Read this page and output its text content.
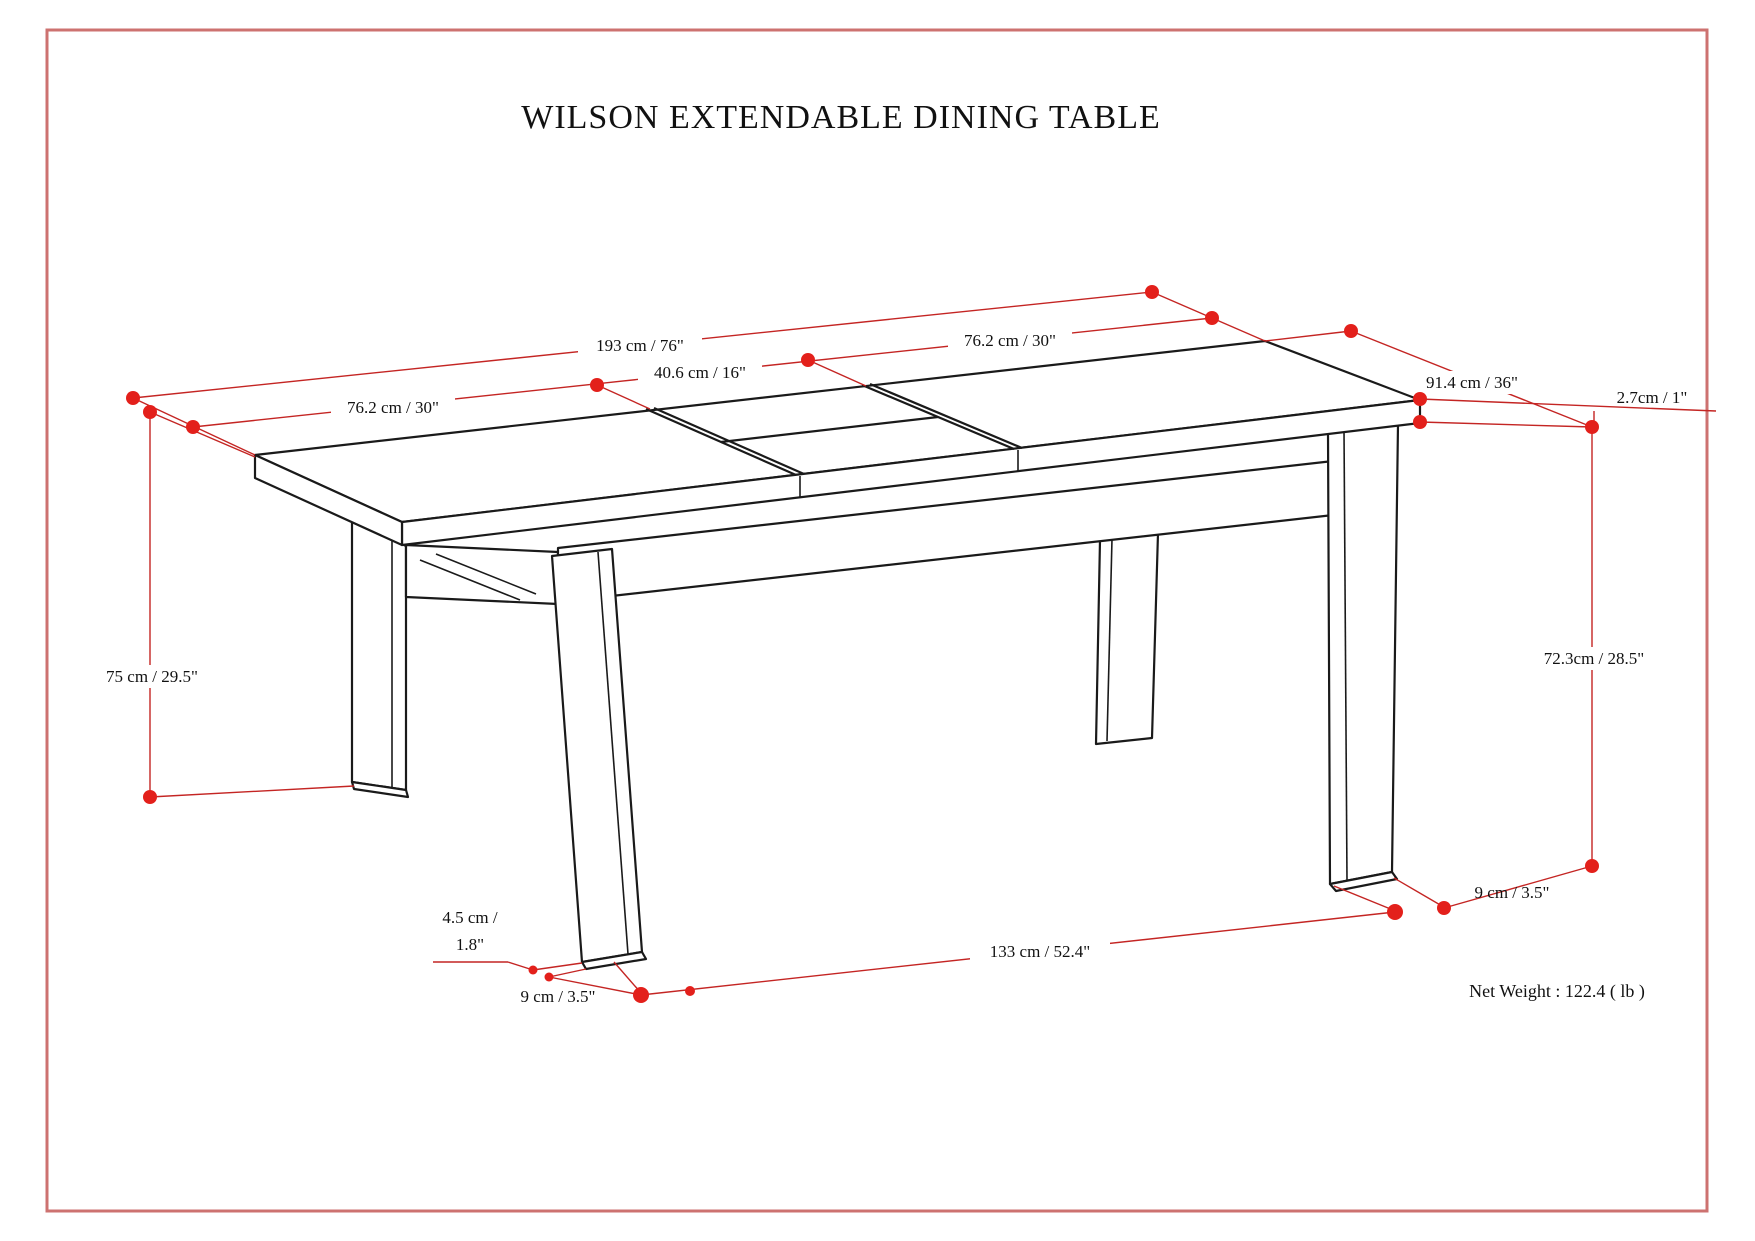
WILSON EXTENDABLE DINING TABLE
193 cm / 76"
76.2 cm / 30"
40.6 cm / 16"
76.2 cm / 30"
91.4 cm / 36"
2.7cm / 1"
75 cm / 29.5"
72.3cm / 28.5"
4.5 cm /
1.8"
9 cm / 3.5"
133 cm / 52.4"
9 cm / 3.5"
Net Weight : 122.4 ( lb )
